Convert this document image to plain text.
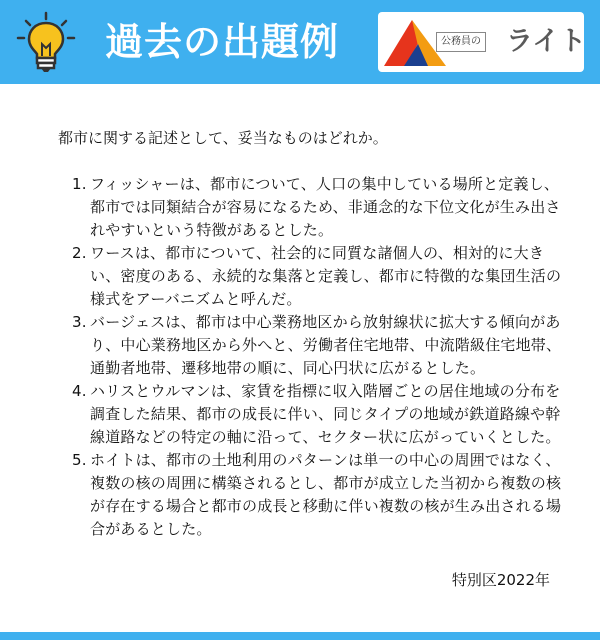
過去の出題例	公務員の ライト
都市に関する記述として、妥当なものはどれか。
1. フィッシャーは、都市について、人口の集中している場所と定義し、都市では同類結合が容易になるため、非通念的な下位文化が生み出されやすいという特徴があるとした。
2. ワースは、都市について、社会的に同質な諸個人の、相対的に大きい、密度のある、永続的な集落と定義し、都市に特徴的な集団生活の様式をアーバニズムと呼んだ。
3. バージェスは、都市は中心業務地区から放射線状に拡大する傾向があり、中心業務地区から外へと、労働者住宅地帯、中流階級住宅地帯、通勤者地帯、遷移地帯の順に、同心円状に広がるとした。
4. ハリスとウルマンは、家賃を指標に収入階層ごとの居住地域の分布を調査した結果、都市の成長に伴い、同じタイプの地域が鉄道路線や幹線道路などの特定の軸に沿って、セクター状に広がっていくとした。
5. ホイトは、都市の土地利用のパターンは単一の中心の周囲ではなく、複数の核の周囲に構築されるとし、都市が成立した当初から複数の核が存在する場合と都市の成長と移動に伴い複数の核が生み出される場合があるとした。
特別区2022年
